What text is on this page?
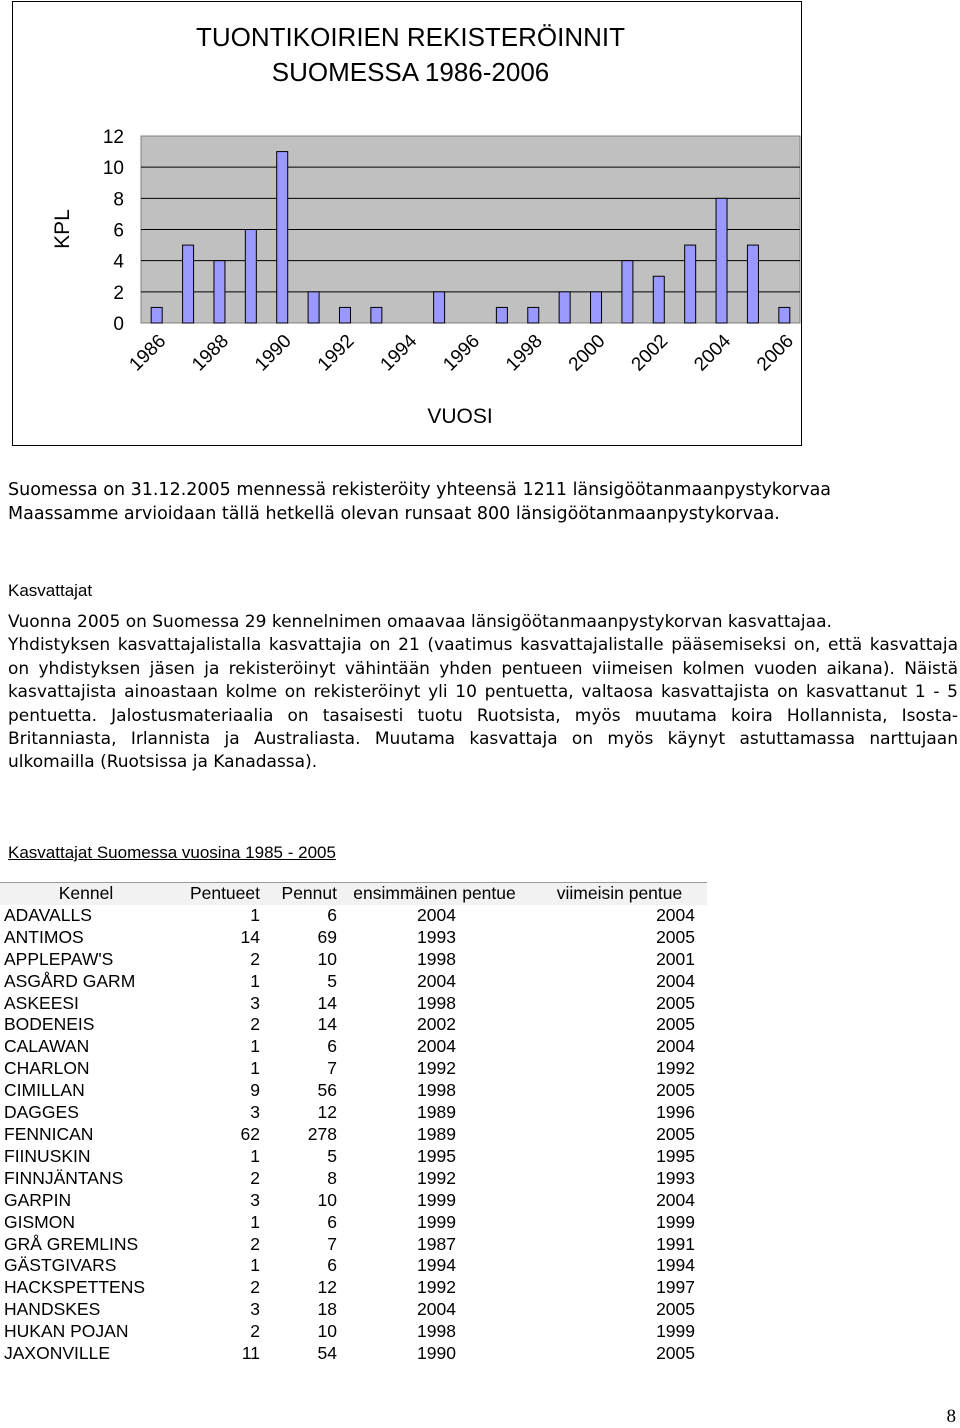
0
2
4
6
8
10
12
1986 1988 1990 1992 1994 1996 1998 2000 2002 2004 2006
KPL
VUOSI
TUONTIKOIRIEN REKISTERÖINNIT
SUOMESSA 1986-2006
Suomessa on 31.12.2005 mennessä rekisteröity yhteensä 1211 länsigöötanmaanpystykorvaa
Maassamme arvioidaan tällä hetkellä olevan runsaat 800 länsigöötanmaanpystykorvaa.
Kasvattajat

Vuonna 2005 on Suomessa 29 kennelnimen omaavaa länsigöötanmaanpystykorvan kasvattajaa.

Yhdistyksen kasvattajalistalla kasvattajia on 21 (vaatimus kasvattajalistalle pääsemiseksi on, että kasvattaja on yhdistyksen jäsen ja rekisteröinyt vähintään yhden pentueen viimeisen kolmen vuoden aikana). Näistä kasvattajista ainoastaan kolme on rekisteröinyt yli 10 pentuetta, valtaosa kasvattajista on kasvattanut 1 - 5 pentuetta. Jalostusmateriaalia on tasaisesti tuotu Ruotsista, myös muutama koira Hollannista, Isosta-Britanniasta, Irlannista ja Australiasta. Muutama kasvattaja on myös käynyt astuttamassa narttujaan ulkomailla (Ruotsissa ja Kanadassa).

Kasvattajat Suomessa vuosina 1985 - 2005
Kennel	Pentueet	Pennut	ensimmäinen pentue	viimeisin pentue
ADAVALLS	1	6	2004	2004
ANTIMOS	14	69	1993	2005
APPLEPAW'S	2	10	1998	2001
ASGÅRD GARM	1	5	2004	2004
ASKEESI	3	14	1998	2005
BODENEIS	2	14	2002	2005
CALAWAN	1	6	2004	2004
CHARLON	1	7	1992	1992
CIMILLAN	9	56	1998	2005
DAGGES	3	12	1989	1996
FENNICAN	62	278	1989	2005
FIINUSKIN	1	5	1995	1995
FINNJÄNTANS	2	8	1992	1993
GARPIN	3	10	1999	2004
GISMON	1	6	1999	1999
GRÅ GREMLINS	2	7	1987	1991
GÄSTGIVARS	1	6	1994	1994
HACKSPETTENS	2	12	1992	1997
HANDSKES	3	18	2004	2005
HUKAN POJAN	2	10	1998	1999
JAXONVILLE	11	54	1990	2005
8
